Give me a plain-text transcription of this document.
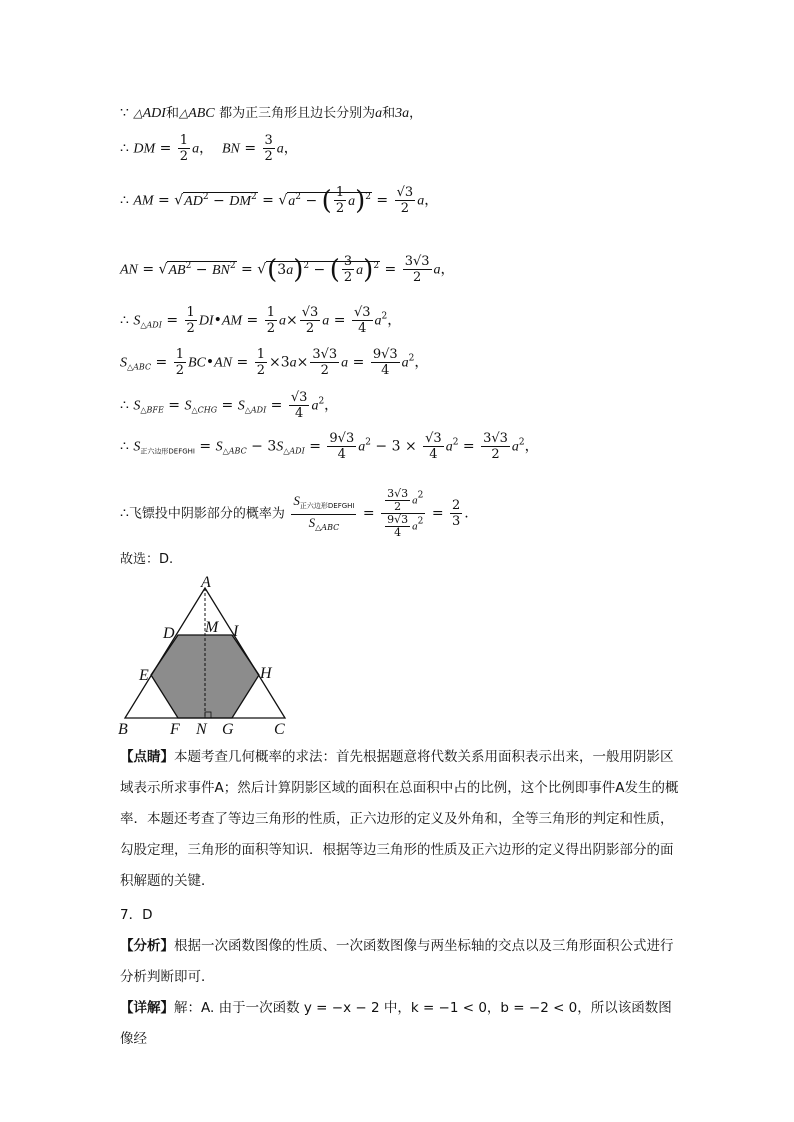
∵ △ADI和△ABC 都为正三角形且边长分别为a和3a，
∴ DM = $\frac{1}{2}$ a，  BN = $\frac{3}{2}$ a，
∴ AM = $√AD^2 - DM^2 = √a^2$ − ( $\frac{1}{2} a)^2 = \frac{√3}{2}$ a，
AN = $√AB^2 - BN^2 = √(3a)^2$ − ( $\frac{3}{2} a)^2 = \frac{3√3}{2}$ a，
∴ $S_{\triangle ADI} = \frac{1}{2}$ DI•AM = $\frac{1}{2} a\times \frac{√3}{2}$ $a = \frac{√3}{4} a^2$，
$S_{\triangle ABC} = \frac{1}{2}$ BC•AN = $\frac{1}{2} \times 3a\times \frac{3√3}{2}$ $a = \frac{9√3}{4} a^2$，
∴ $S_{\triangle BFE} = S_{\triangle CHG} = S_{\triangle ADI} = \frac{√3}{4} a^2$，
∴ $S_{正六边形DEFGHI} = S_{\triangle ABC} - 3S_{\triangle ADI} = \frac{9√3}{4} a^2 - 3 \times \frac{√3}{4} a^2 = \frac{3√3}{2} a^2$，
∴飞镖投中阴影部分的概率为 $\frac{S_{正六边形DEFGHI}}{S_{\triangle ABC}} = \frac{\frac{3√3}{2} a^2}{\frac{9√3}{4} a^2} = \frac{2}{3}$ .
故选：D.
A
D M I
E	H
B	F N G	C
【点睛】本题考查几何概率的求法：首先根据题意将代数关系用面积表示出来，一般用阴影区域表示所求事件A；然后计算阴影区域的面积在总面积中占的比例，这个比例即事件A发生的概率．本题还考查了等边三角形的性质，正六边形的定义及外角和，全等三角形的判定和性质，勾股定理，三角形的面积等知识．根据等边三角形的性质及正六边形的定义得出阴影部分的面积解题的关键．
7．D
【分析】根据一次函数图像的性质、一次函数图像与两坐标轴的交点以及三角形面积公式进行分析判断即可．
【详解】解：A. 由于一次函数 y = −x − 2 中，k = −1 < 0，b = −2 < 0，所以该函数图像经
